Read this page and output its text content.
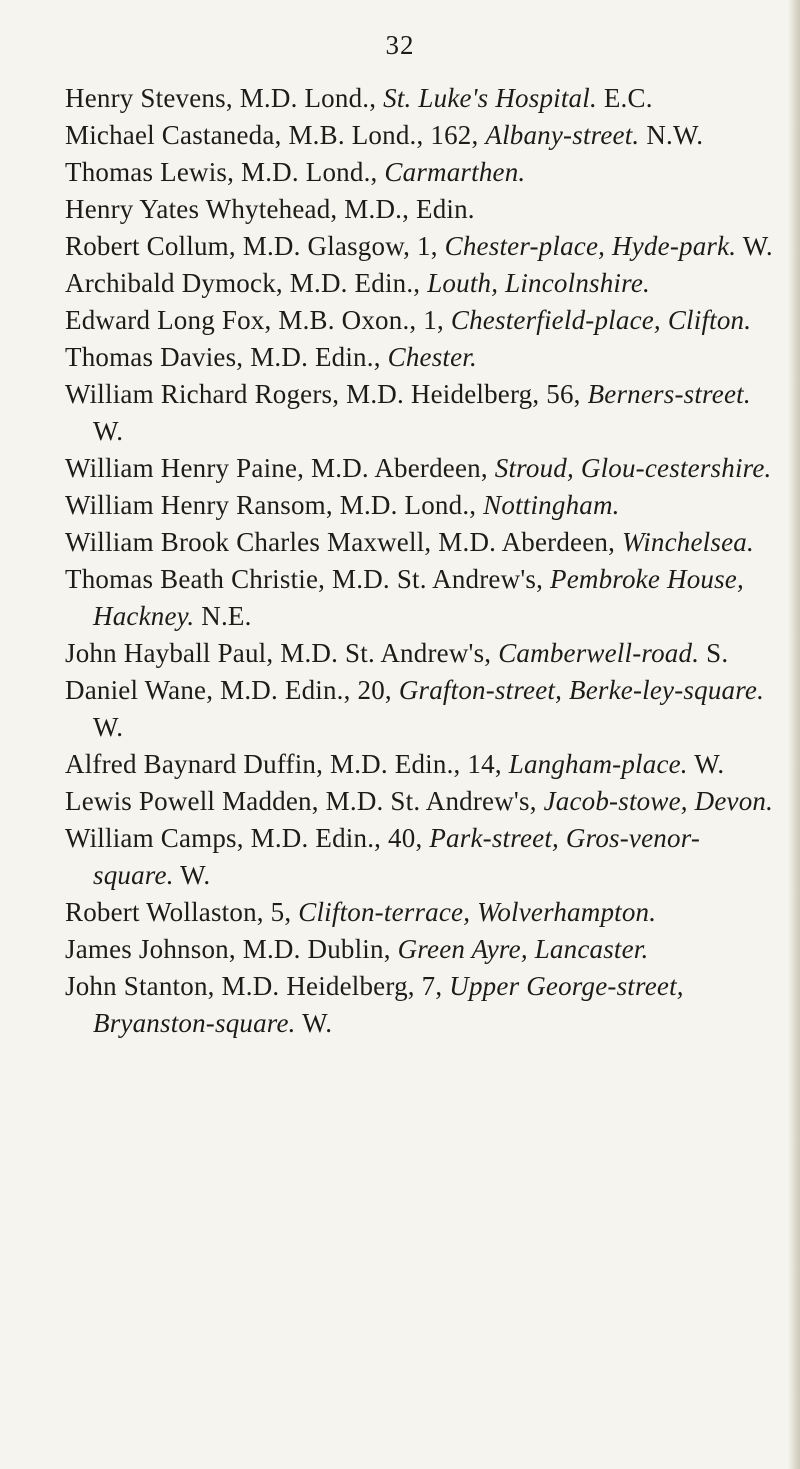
32
Henry Stevens, M.D. Lond., St. Luke's Hospital. E.C.
Michael Castaneda, M.B. Lond., 162, Albany-street. N.W.
Thomas Lewis, M.D. Lond., Carmarthen.
Henry Yates Whytehead, M.D., Edin.
Robert Collum, M.D. Glasgow, 1, Chester-place, Hyde-park. W.
Archibald Dymock, M.D. Edin., Louth, Lincolnshire.
Edward Long Fox, M.B. Oxon., 1, Chesterfield-place, Clifton.
Thomas Davies, M.D. Edin., Chester.
William Richard Rogers, M.D. Heidelberg, 56, Berners-street. W.
William Henry Paine, M.D. Aberdeen, Stroud, Glou-cestershire.
William Henry Ransom, M.D. Lond., Nottingham.
William Brook Charles Maxwell, M.D. Aberdeen, Winchelsea.
Thomas Beath Christie, M.D. St. Andrew's, Pembroke House, Hackney. N.E.
John Hayball Paul, M.D. St. Andrew's, Camberwell-road. S.
Daniel Wane, M.D. Edin., 20, Grafton-street, Berke-ley-square. W.
Alfred Baynard Duffin, M.D. Edin., 14, Langham-place. W.
Lewis Powell Madden, M.D. St. Andrew's, Jacob-stowe, Devon.
William Camps, M.D. Edin., 40, Park-street, Gros-venor-square. W.
Robert Wollaston, 5, Clifton-terrace, Wolverhampton.
James Johnson, M.D. Dublin, Green Ayre, Lancaster.
John Stanton, M.D. Heidelberg, 7, Upper George-street, Bryanston-square. W.
